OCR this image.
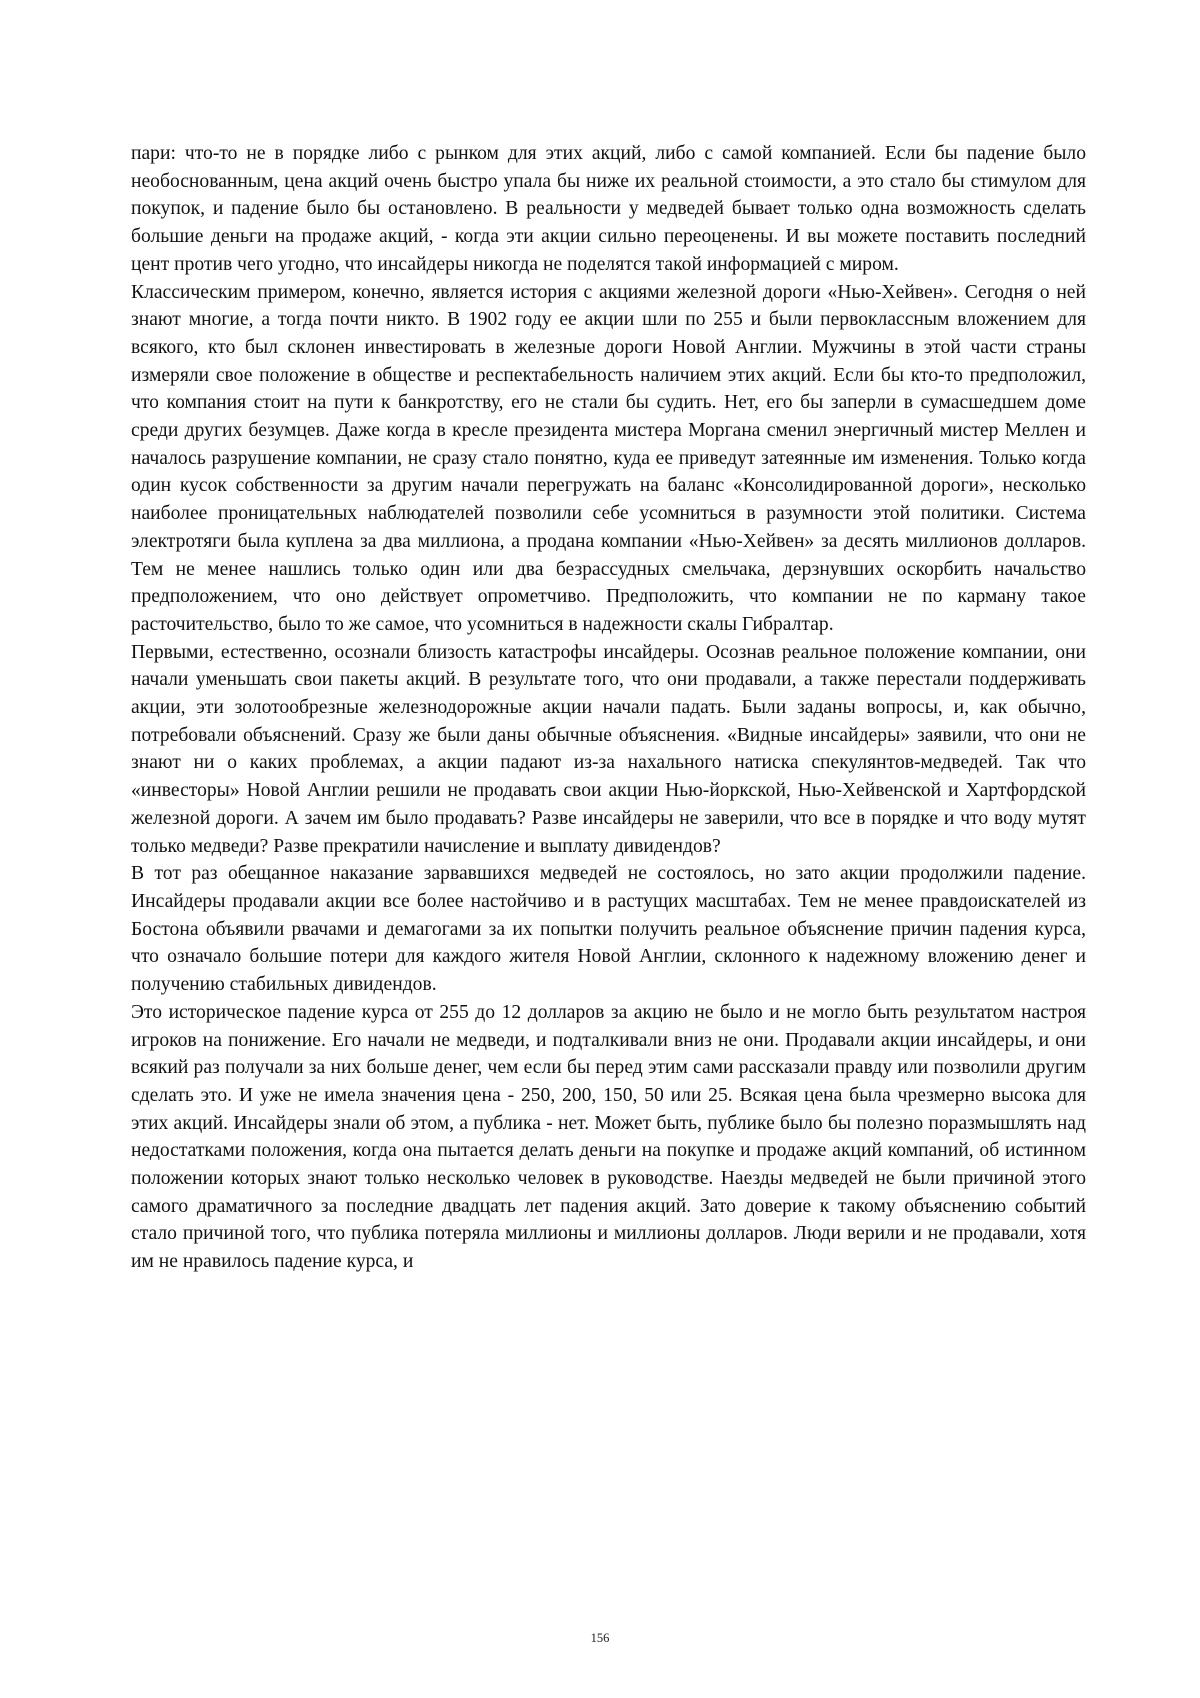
пари: что-то не в порядке либо с рынком для этих акций, либо с самой компанией. Если бы падение было необоснованным, цена акций очень быстро упала бы ниже их реальной стоимости, а это стало бы стимулом для покупок, и падение было бы остановлено. В реальности у медведей бывает только одна возможность сделать большие деньги на продаже акций, - когда эти акции сильно переоценены. И вы можете поставить последний цент против чего угодно, что инсайдеры никогда не поделятся такой информацией с миром.

Классическим примером, конечно, является история с акциями железной дороги «Нью-Хейвен». Сегодня о ней знают многие, а тогда почти никто. В 1902 году ее акции шли по 255 и были первоклассным вложением для всякого, кто был склонен инвестировать в железные дороги Новой Англии. Мужчины в этой части страны измеряли свое положение в обществе и респектабельность наличием этих акций. Если бы кто-то предположил, что компания стоит на пути к банкротству, его не стали бы судить. Нет, его бы заперли в сумасшедшем доме среди других безумцев. Даже когда в кресле президента мистера Моргана сменил энергичный мистер Меллен и началось разрушение компании, не сразу стало понятно, куда ее приведут затеянные им изменения. Только когда один кусок собственности за другим начали перегружать на баланс «Консолидированной дороги», несколько наиболее проницательных наблюдателей позволили себе усомниться в разумности этой политики. Система электротяги была куплена за два миллиона, а продана компании «Нью-Хейвен» за десять миллионов долларов. Тем не менее нашлись только один или два безрассудных смельчака, дерзнувших оскорбить начальство предположением, что оно действует опрометчиво. Предположить, что компании не по карману такое расточительство, было то же самое, что усомниться в надежности скалы Гибралтар.

Первыми, естественно, осознали близость катастрофы инсайдеры. Осознав реальное положение компании, они начали уменьшать свои пакеты акций. В результате того, что они продавали, а также перестали поддерживать акции, эти золотообрезные железнодорожные акции начали падать. Были заданы вопросы, и, как обычно, потребовали объяснений. Сразу же были даны обычные объяснения. «Видные инсайдеры» заявили, что они не знают ни о каких проблемах, а акции падают из-за нахального натиска спекулянтов-медведей. Так что «инвесторы» Новой Англии решили не продавать свои акции Нью-йоркской, Нью-Хейвенской и Хартфордской железной дороги. А зачем им было продавать? Разве инсайдеры не заверили, что все в порядке и что воду мутят только медведи? Разве прекратили начисление и выплату дивидендов?

В тот раз обещанное наказание зарвавшихся медведей не состоялось, но зато акции продолжили падение. Инсайдеры продавали акции все более настойчиво и в растущих масштабах. Тем не менее правдоискателей из Бостона объявили рвачами и демагогами за их попытки получить реальное объяснение причин падения курса, что означало большие потери для каждого жителя Новой Англии, склонного к надежному вложению денег и получению стабильных дивидендов.

Это историческое падение курса от 255 до 12 долларов за акцию не было и не могло быть результатом настроя игроков на понижение. Его начали не медведи, и подталкивали вниз не они. Продавали акции инсайдеры, и они всякий раз получали за них больше денег, чем если бы перед этим сами рассказали правду или позволили другим сделать это. И уже не имела значения цена - 250, 200, 150, 50 или 25. Всякая цена была чрезмерно высока для этих акций. Инсайдеры знали об этом, а публика - нет. Может быть, публике было бы полезно поразмышлять над недостатками положения, когда она пытается делать деньги на покупке и продаже акций компаний, об истинном положении которых знают только несколько человек в руководстве. Наезды медведей не были причиной этого самого драматичного за последние двадцать лет падения акций. Зато доверие к такому объяснению событий стало причиной того, что публика потеряла миллионы и миллионы долларов. Люди верили и не продавали, хотя им не нравилось падение курса, и

156
